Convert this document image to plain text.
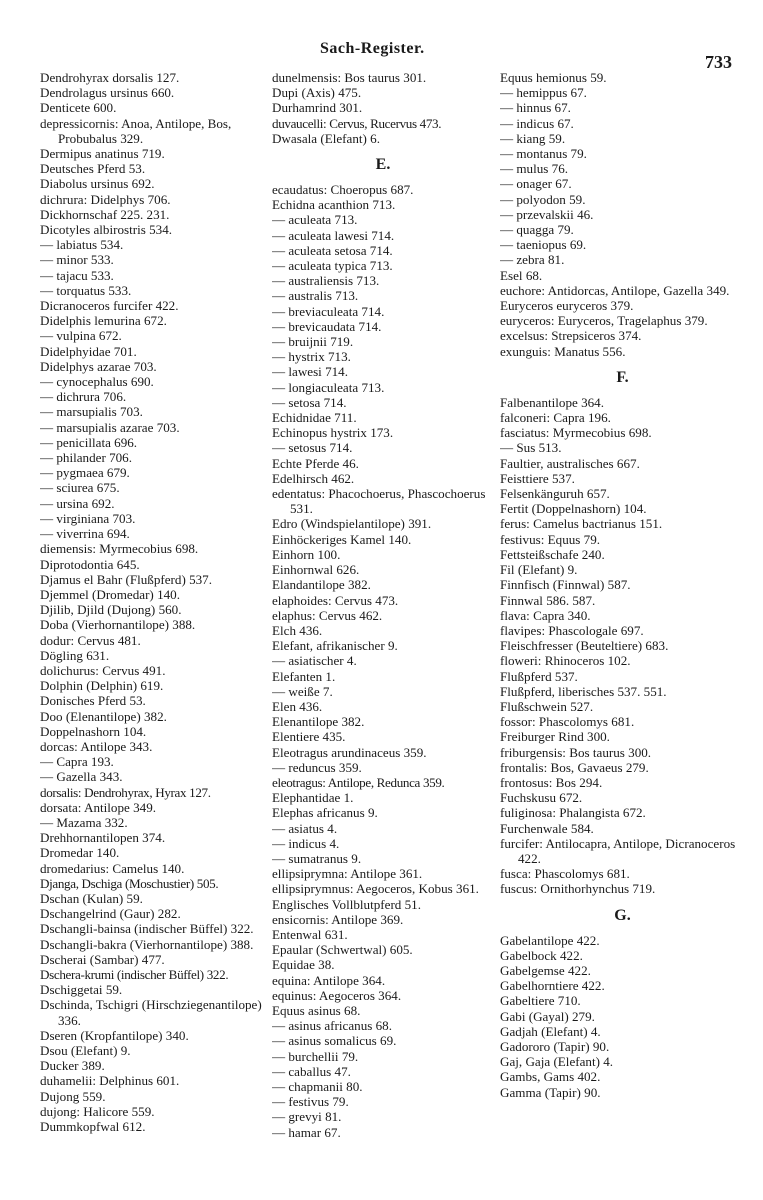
Sach-Register.
733
Dendrohyrax dorsalis 127.
Dendrolagus ursinus 660.
Denticete 600.
depressicornis: Anoa, Antilope, Bos, Probubalus 329.
Dermipus anatinus 719.
Deutsches Pferd 53.
Diabolus ursinus 692.
dichrura: Didelphys 706.
Dickhornschaf 225. 231.
Dicotyles albirostris 534.
— labiatus 534.
— minor 533.
— tajacu 533.
— torquatus 533.
Dicranoceros furcifer 422.
Didelphis lemurina 672.
— vulpina 672.
Didelphyidae 701.
Didelphys azarae 703.
— cynocephalus 690.
— dichrura 706.
— marsupialis 703.
— marsupialis azarae 703.
— penicillata 696.
— philander 706.
— pygmaea 679.
— sciurea 675.
— ursina 692.
— virginiana 703.
— viverrina 694.
diemensis: Myrmecobius 698.
Diprotodontia 645.
Djamus el Bahr (Flußpferd) 537.
Djemmel (Dromedar) 140.
Djilib, Djild (Dujong) 560.
Doba (Vierhornantilope) 388.
dodur: Cervus 481.
Dögling 631.
dolichurus: Cervus 491.
Dolphin (Delphin) 619.
Donisches Pferd 53.
Doo (Elenantilope) 382.
Doppelnashorn 104.
dorcas: Antilope 343.
— Capra 193.
— Gazella 343.
dorsalis: Dendrohyrax, Hyrax 127.
dorsata: Antilope 349.
— Mazama 332.
Drehhornantilopen 374.
Dromedar 140.
dromedarius: Camelus 140.
Djanga, Dschiga (Moschustier) 505.
Dschan (Kulan) 59.
Dschangelrind (Gaur) 282.
Dschangli-bainsa (indischer Büffel) 322.
Dschangli-bakra (Vierhornantilope) 388.
Dscherai (Sambar) 477.
Dschera-krumi (indischer Büffel) 322.
Dschiggetai 59.
Dschinda, Tschigri (Hirschziegenantilope) 336.
Dseren (Kropfantilope) 340.
Dsou (Elefant) 9.
Ducker 389.
duhamelii: Delphinus 601.
Dujong 559.
dujong: Halicore 559.
Dummkopfwal 612.
dunelmensis: Bos taurus 301.
Dupi (Axis) 475.
Durhamrind 301.
duvaucelli: Cervus, Rucervus 473.
Dwasala (Elefant) 6.
E.
ecaudatus: Choeropus 687.
Echidna acanthion 713.
— aculeata 713.
— aculeata lawesi 714.
— aculeata setosa 714.
— aculeata typica 713.
— australiensis 713.
— australis 713.
— breviaculeata 714.
— brevicaudata 714.
— bruijnii 719.
— hystrix 713.
— lawesi 714.
— longiaculeata 713.
— setosa 714.
Echidnidae 711.
Echinopus hystrix 173.
— setosus 714.
Echte Pferde 46.
Edelhirsch 462.
edentatus: Phacochoerus, Phascochoerus 531.
Edro (Windspielantilope) 391.
Einhöckeriges Kamel 140.
Einhorn 100.
Einhornwal 626.
Elandantilope 382.
elaphoides: Cervus 473.
elaphus: Cervus 462.
Elch 436.
Elefant, afrikanischer 9.
— asiatischer 4.
Elefanten 1.
— weiße 7.
Elen 436.
Elenantilope 382.
Elentiere 435.
Eleotragus arundinaceus 359.
— reduncus 359.
eleotragus: Antilope, Redunca 359.
Elephantidae 1.
Elephas africanus 9.
— asiatus 4.
— indicus 4.
— sumatranus 9.
ellipsiprymna: Antilope 361.
ellipsiprymnus: Aegoceros, Kobus 361.
Englisches Vollblutpferd 51.
ensicornis: Antilope 369.
Entenwal 631.
Epaular (Schwertwal) 605.
Equidae 38.
equina: Antilope 364.
equinus: Aegoceros 364.
Equus asinus 68.
— asinus africanus 68.
— asinus somalicus 69.
— burchellii 79.
— caballus 47.
— chapmanii 80.
— festivus 79.
— grevyi 81.
— hamar 67.
Equus hemionus 59.
— hemippus 67.
— hinnus 67.
— indicus 67.
— kiang 59.
— montanus 79.
— mulus 76.
— onager 67.
— polyodon 59.
— przevalskii 46.
— quagga 79.
— taeniopus 69.
— zebra 81.
Esel 68.
euchore: Antidorcas, Antilope, Gazella 349.
Euryceros euryceros 379.
euryceros: Euryceros, Tragelaphus 379.
excelsus: Strepsiceros 374.
exunguis: Manatus 556.
F.
Falbenantilope 364.
falconeri: Capra 196.
fasciatus: Myrmecobius 698.
— Sus 513.
Faultier, australisches 667.
Feisttiere 537.
Felsenkänguruh 657.
Fertit (Doppelnashorn) 104.
ferus: Camelus bactrianus 151.
festivus: Equus 79.
Fettsteißschafe 240.
Fil (Elefant) 9.
Finnfisch (Finnwal) 587.
Finnwal 586. 587.
flava: Capra 340.
flavipes: Phascologale 697.
Fleischfresser (Beuteltiere) 683.
floweri: Rhinoceros 102.
Flußpferd 537.
Flußpferd, liberisches 537. 551.
Flußschwein 527.
fossor: Phascolomys 681.
Freiburger Rind 300.
friburgensis: Bos taurus 300.
frontalis: Bos, Gavaeus 279.
frontosus: Bos 294.
Fuchskusu 672.
fuliginosa: Phalangista 672.
Furchenwale 584.
furcifer: Antilocapra, Antilope, Dicranoceros 422.
fusca: Phascolomys 681.
fuscus: Ornithorhynchus 719.
G.
Gabelantilope 422.
Gabelbock 422.
Gabelgemse 422.
Gabelhorntiere 422.
Gabeltiere 710.
Gabi (Gayal) 279.
Gadjah (Elefant) 4.
Gadororo (Tapir) 90.
Gaj, Gaja (Elefant) 4.
Gambs, Gams 402.
Gamma (Tapir) 90.
